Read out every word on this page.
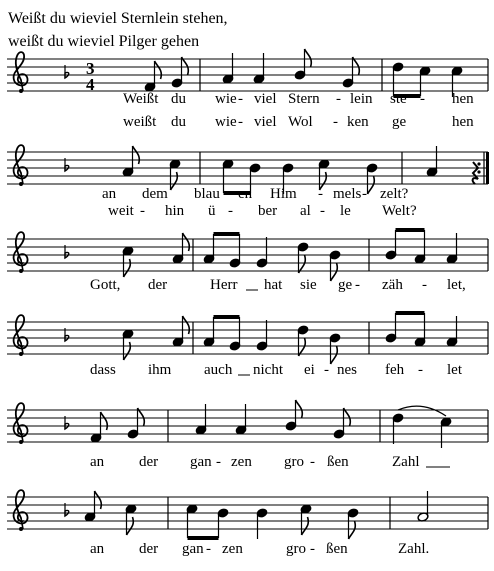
Weißt du wieviel Sternlein stehen,
weißt du wieviel Pilger gehen
3
4
Weißt du wie - viel Stern - lein ste - hen
weißt du wie - viel Wol - ken ge	hen
an dem blau - en Him - mels - zelt?
weit - hin ü - ber al - le Welt?
Gott, der	Herr hat sie ge - zäh - let,
dass ihm auch nicht ei - nes feh - let
an der gan - zen gro - ßen	Zahl
an der gan - zen	gro - ßen	Zahl.
